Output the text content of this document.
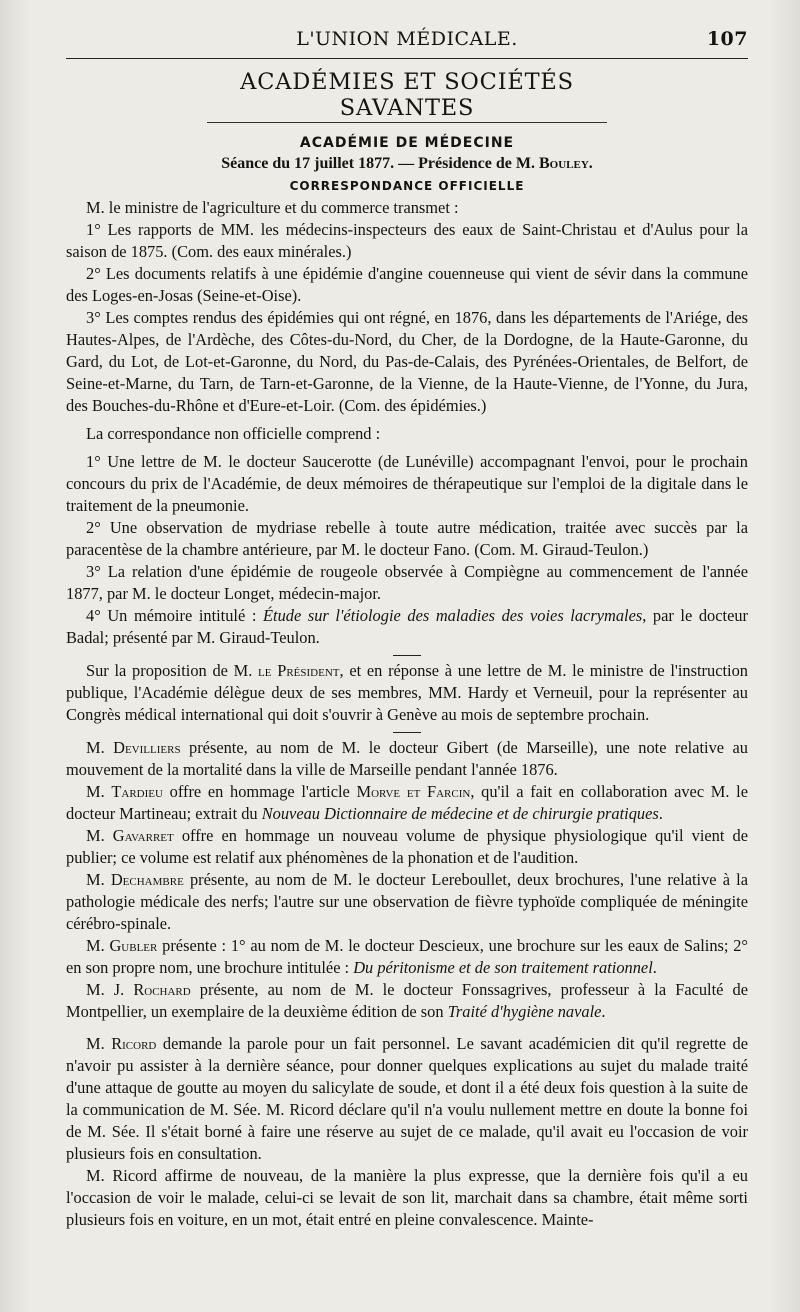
L'UNION MÉDICALE.	107
ACADÉMIES ET SOCIÉTÉS SAVANTES
ACADÉMIE DE MÉDECINE
Séance du 17 juillet 1877. — Présidence de M. Bouley.
CORRESPONDANCE OFFICIELLE

M. le ministre de l'agriculture et du commerce transmet :

1° Les rapports de MM. les médecins-inspecteurs des eaux de Saint-Christau et d'Aulus pour la saison de 1875. (Com. des eaux minérales.)

2° Les documents relatifs à une épidémie d'angine couenneuse qui vient de sévir dans la commune des Loges-en-Josas (Seine-et-Oise).

3° Les comptes rendus des épidémies qui ont régné, en 1876, dans les départements de l'Ariége, des Hautes-Alpes, de l'Ardèche, des Côtes-du-Nord, du Cher, de la Dordogne, de la Haute-Garonne, du Gard, du Lot, de Lot-et-Garonne, du Nord, du Pas-de-Calais, des Pyrénées-Orientales, de Belfort, de Seine-et-Marne, du Tarn, de Tarn-et-Garonne, de la Vienne, de la Haute-Vienne, de l'Yonne, du Jura, des Bouches-du-Rhône et d'Eure-et-Loir. (Com. des épidémies.)

La correspondance non officielle comprend :

1° Une lettre de M. le docteur Saucerotte (de Lunéville) accompagnant l'envoi, pour le prochain concours du prix de l'Académie, de deux mémoires de thérapeutique sur l'emploi de la digitale dans le traitement de la pneumonie.

2° Une observation de mydriase rebelle à toute autre médication, traitée avec succès par la paracentèse de la chambre antérieure, par M. le docteur Fano. (Com. M. Giraud-Teulon.)

3° La relation d'une épidémie de rougeole observée à Compiègne au commencement de l'année 1877, par M. le docteur Longet, médecin-major.

4° Un mémoire intitulé : Étude sur l'étiologie des maladies des voies lacrymales, par le docteur Badal; présenté par M. Giraud-Teulon.

Sur la proposition de M. le Président, et en réponse à une lettre de M. le ministre de l'instruction publique, l'Académie délègue deux de ses membres, MM. Hardy et Verneuil, pour la représenter au Congrès médical international qui doit s'ouvrir à Genève au mois de septembre prochain.

M. Devilliers présente, au nom de M. le docteur Gibert (de Marseille), une note relative au mouvement de la mortalité dans la ville de Marseille pendant l'année 1876.

M. Tardieu offre en hommage l'article Morve et Farcin, qu'il a fait en collaboration avec M. le docteur Martineau; extrait du Nouveau Dictionnaire de médecine et de chirurgie pratiques.

M. Gavarret offre en hommage un nouveau volume de physique physiologique qu'il vient de publier; ce volume est relatif aux phénomènes de la phonation et de l'audition.

M. Dechambre présente, au nom de M. le docteur Lereboullet, deux brochures, l'une relative à la pathologie médicale des nerfs; l'autre sur une observation de fièvre typhoïde compliquée de méningite cérébro-spinale.

M. Gubler présente : 1° au nom de M. le docteur Descieux, une brochure sur les eaux de Salins; 2° en son propre nom, une brochure intitulée : Du péritonisme et de son traitement rationnel.

M. J. Rochard présente, au nom de M. le docteur Fonssagrives, professeur à la Faculté de Montpellier, un exemplaire de la deuxième édition de son Traité d'hygiène navale.

M. Ricord demande la parole pour un fait personnel. Le savant académicien dit qu'il regrette de n'avoir pu assister à la dernière séance, pour donner quelques explications au sujet du malade traité d'une attaque de goutte au moyen du salicylate de soude, et dont il a été deux fois question à la suite de la communication de M. Sée. M. Ricord déclare qu'il n'a voulu nullement mettre en doute la bonne foi de M. Sée. Il s'était borné à faire une réserve au sujet de ce malade, qu'il avait eu l'occasion de voir plusieurs fois en consultation.

M. Ricord affirme de nouveau, de la manière la plus expresse, que la dernière fois qu'il a eu l'occasion de voir le malade, celui-ci se levait de son lit, marchait dans sa chambre, était même sorti plusieurs fois en voiture, en un mot, était entré en pleine convalescence. Mainte-
